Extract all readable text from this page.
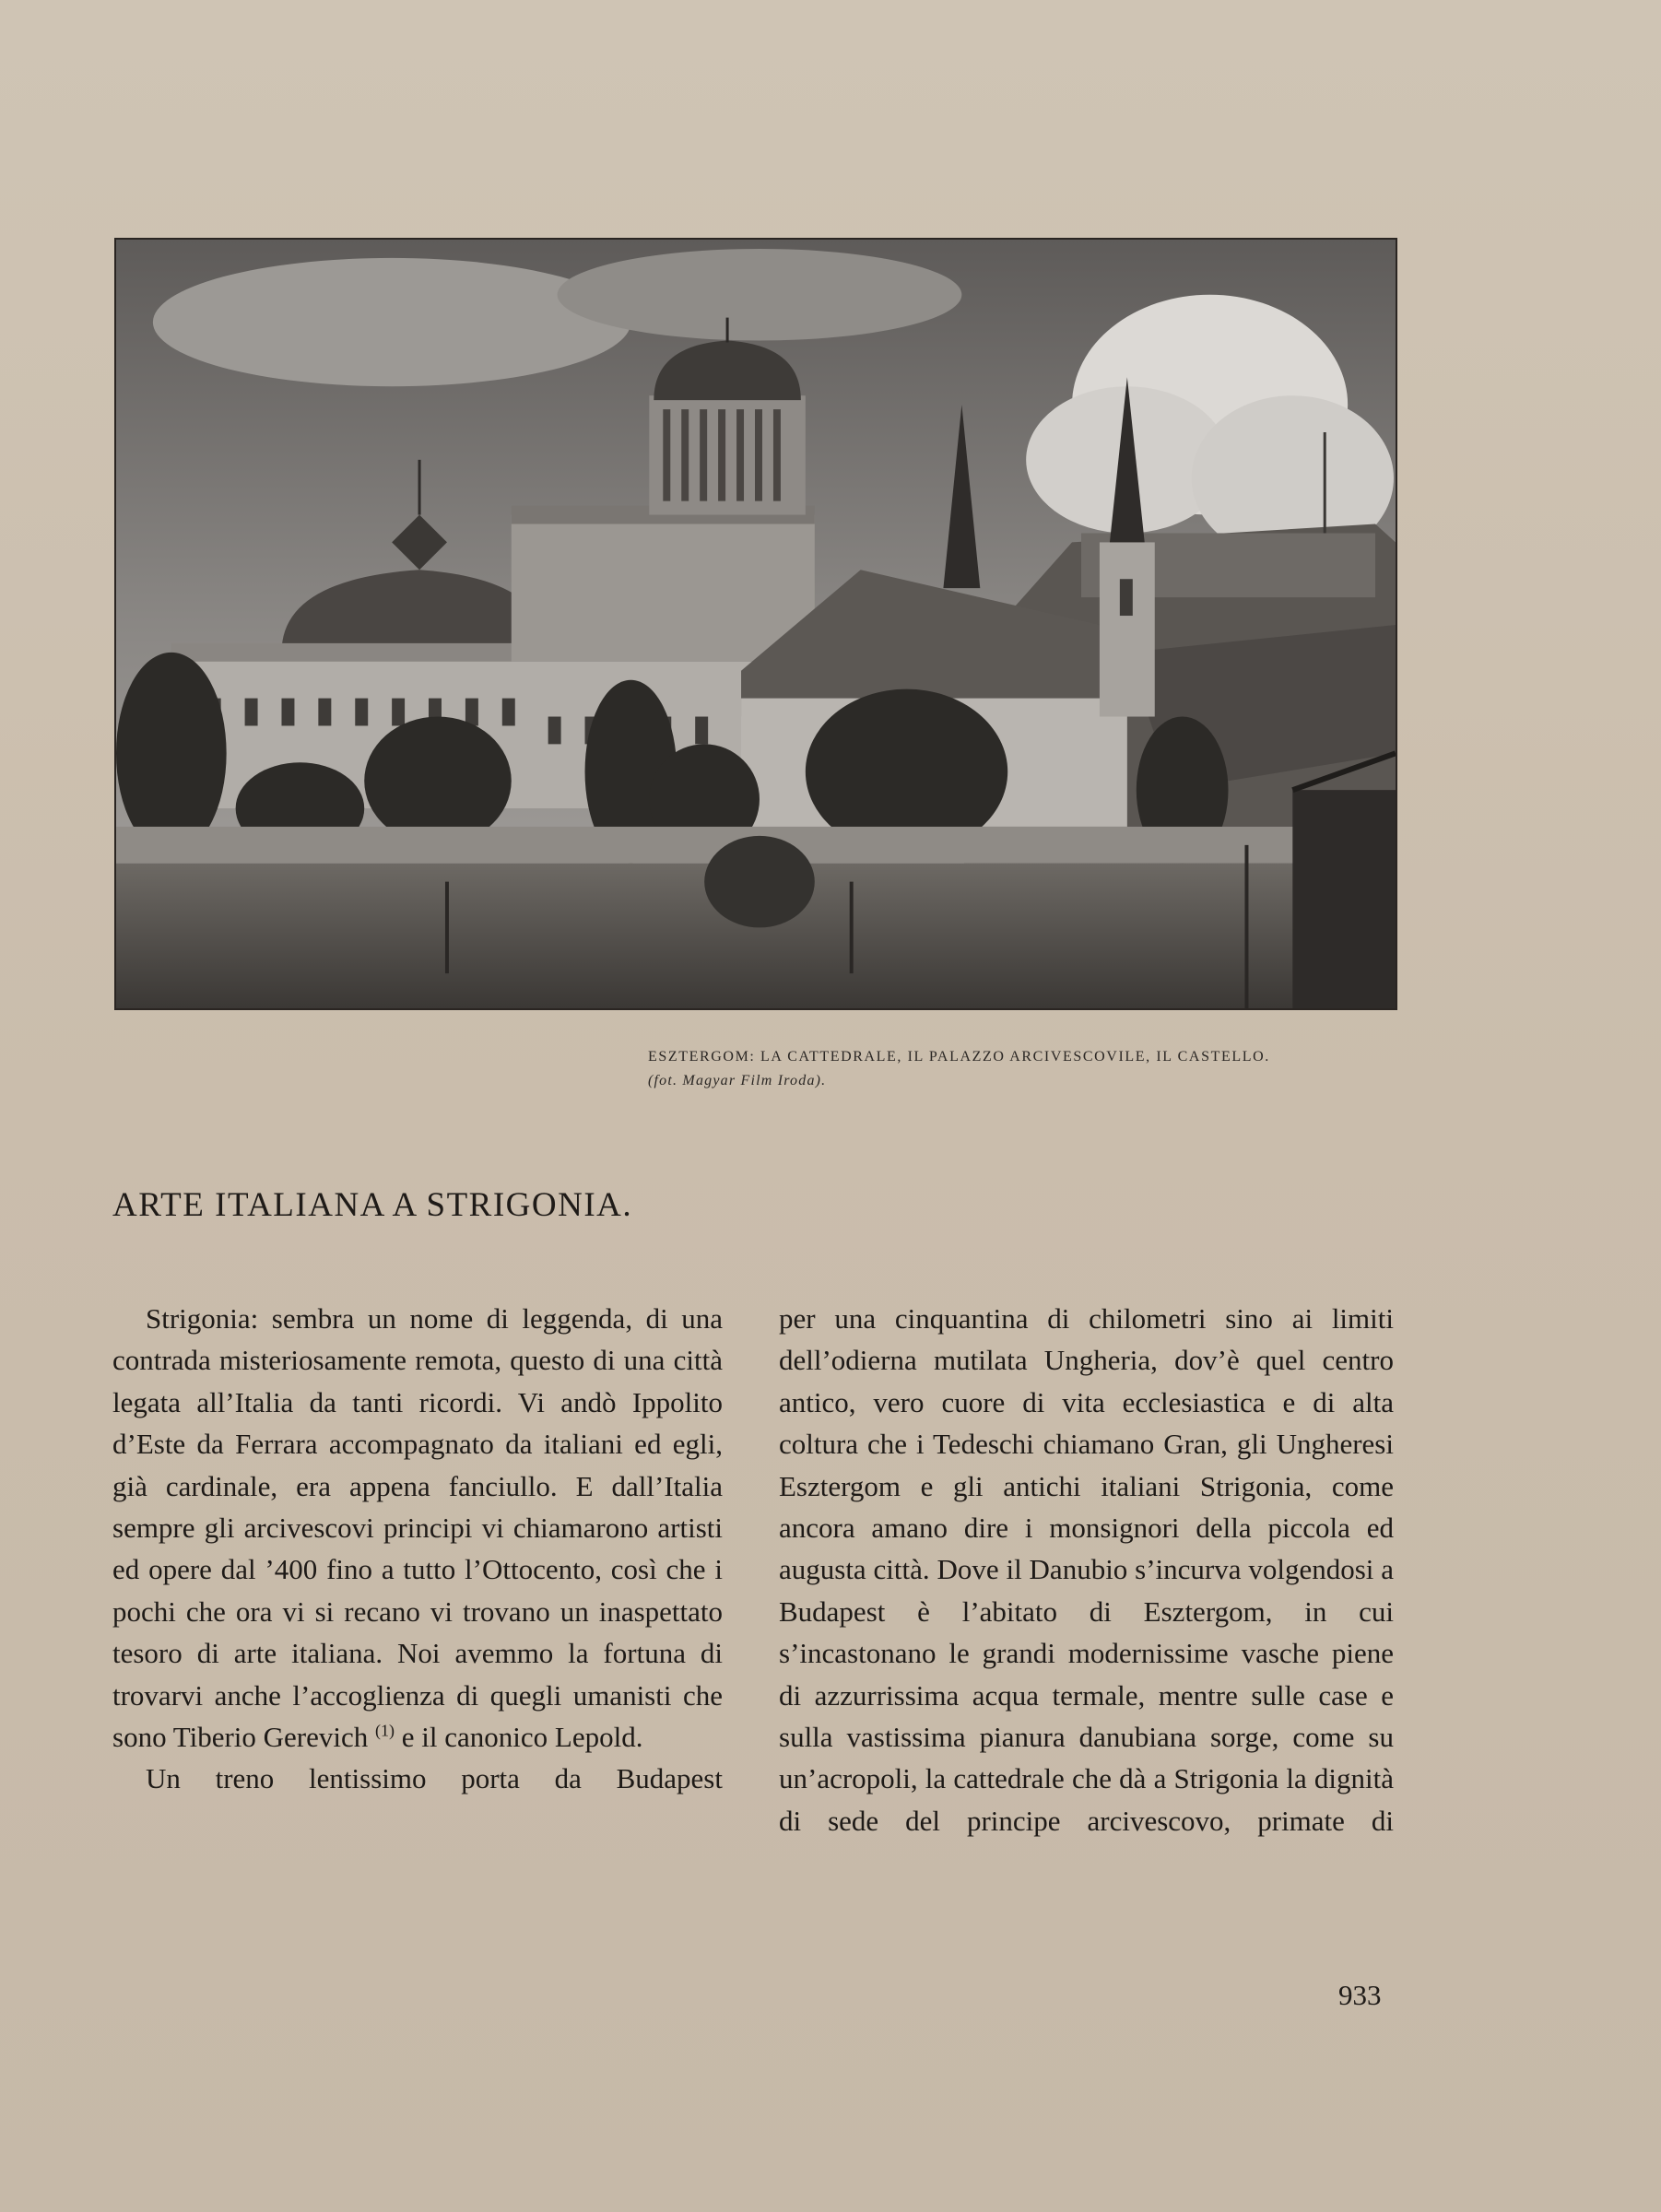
ESZTERGOM: LA CATTEDRALE, IL PALAZZO ARCIVESCOVILE, IL CASTELLO.
(fot. Magyar Film Iroda).
ARTE ITALIANA A STRIGONIA.

Strigonia: sembra un nome di leggenda, di una contrada misteriosamente remota, questo di una città legata all’Italia da tanti ricordi. Vi andò Ippolito d’Este da Ferrara accompagnato da italiani ed egli, già cardinale, era appena fanciullo. E dall’Italia sempre gli arcivescovi principi vi chiamarono artisti ed opere dal ’400 fino a tutto l’Ottocento, così che i pochi che ora vi si recano vi trovano un inaspettato tesoro di arte italiana. Noi avemmo la fortuna di trovarvi anche l’accoglienza di quegli umanisti che sono Tiberio Gerevich $^{(1)}$ e il canonico Lepold.

Un treno lentissimo porta da Budapest

per una cinquantina di chilometri sino ai limiti dell’odierna mutilata Ungheria, dov’è quel centro antico, vero cuore di vita ecclesiastica e di alta coltura che i Tedeschi chiamano Gran, gli Ungheresi Esztergom e gli antichi italiani Strigonia, come ancora amano dire i monsignori della piccola ed augusta città. Dove il Danubio s’incurva volgendosi a Budapest è l’abitato di Esztergom, in cui s’incastonano le grandi modernissime vasche piene di azzurrissima acqua termale, mentre sulle case e sulla vastissima pianura danubiana sorge, come su un’acropoli, la cattedrale che dà a Strigonia la dignità di sede del principe arcivescovo, primate di

933
